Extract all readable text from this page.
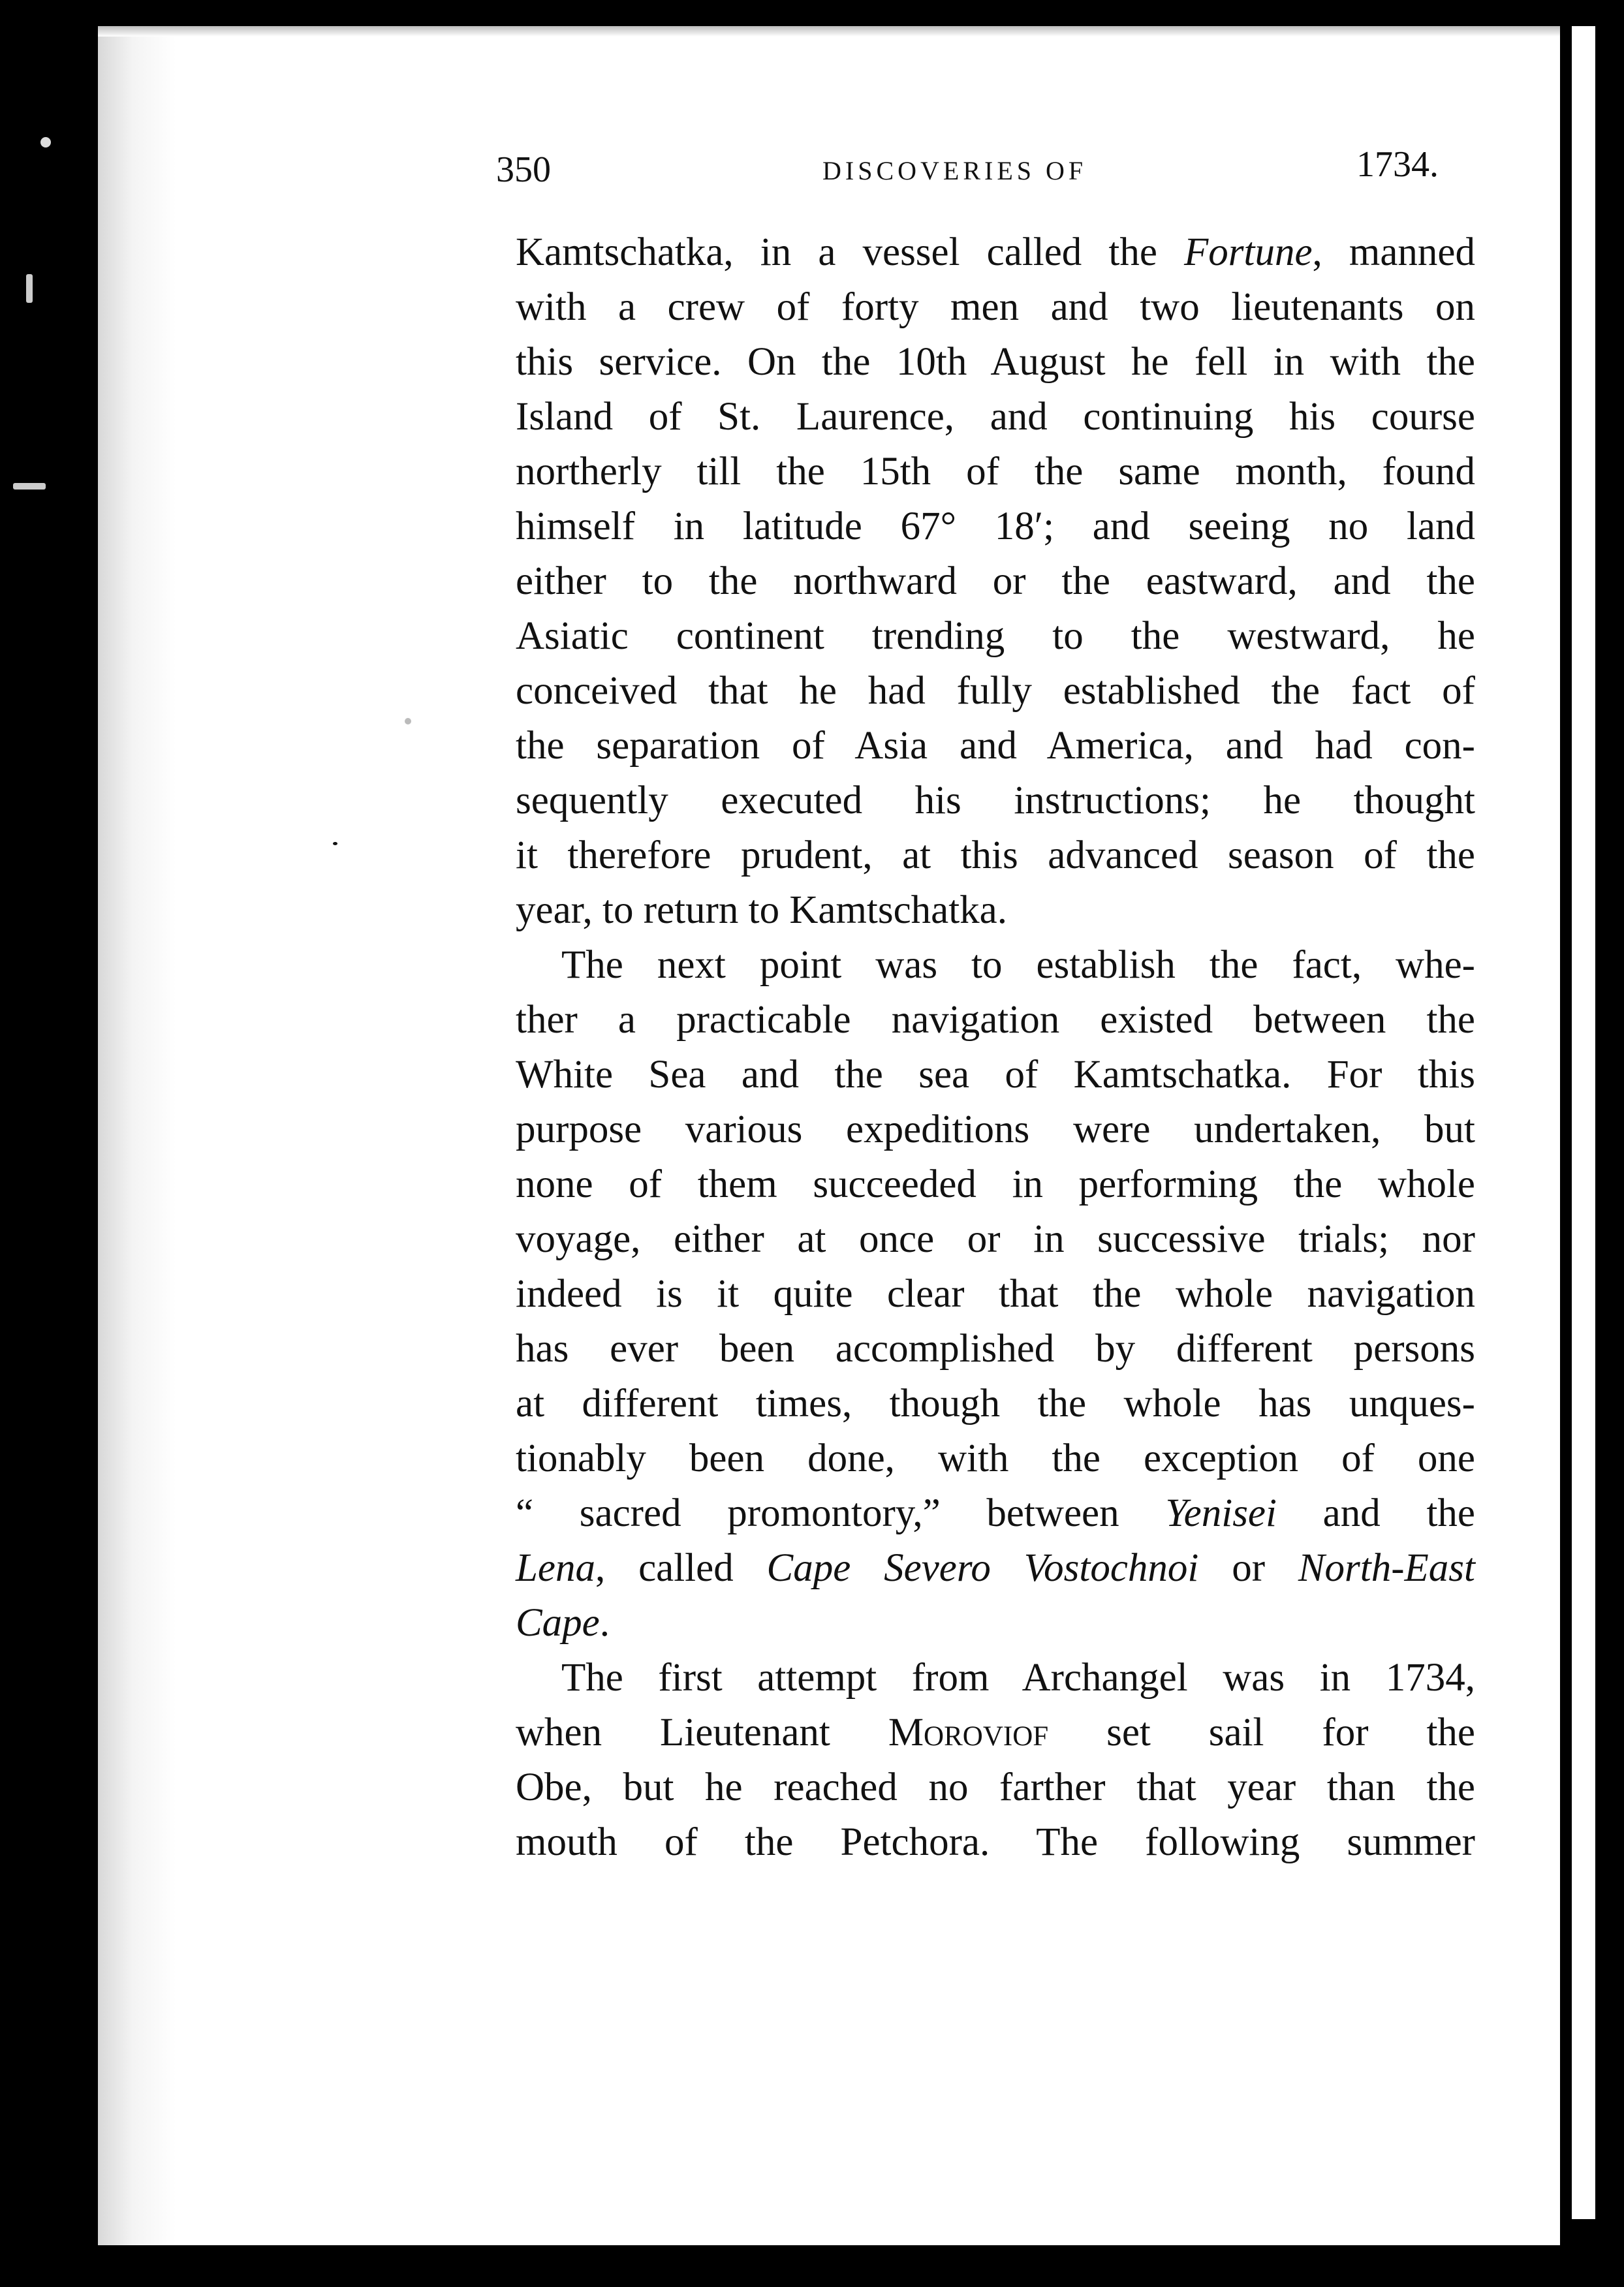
350	DISCOVERIES OF	1734.
Kamtschatka, in a vessel called the Fortune, manned
with a crew of forty men and two lieutenants on
this service. On the 10th August he fell in with the
Island of St. Laurence, and continuing his course
northerly till the 15th of the same month, found
himself in latitude 67° 18′; and seeing no land
either to the northward or the eastward, and the
Asiatic continent trending to the westward, he
conceived that he had fully established the fact of
the separation of Asia and America, and had con-
sequently executed his instructions; he thought
it therefore prudent, at this advanced season of the
year, to return to Kamtschatka.
The next point was to establish the fact, whe-
ther a practicable navigation existed between the
White Sea and the sea of Kamtschatka. For this
purpose various expeditions were undertaken, but
none of them succeeded in performing the whole
voyage, either at once or in successive trials; nor
indeed is it quite clear that the whole navigation
has ever been accomplished by different persons
at different times, though the whole has unques-
tionably been done, with the exception of one
“ sacred promontory,” between Yenisei and the
Lena, called Cape Severo Vostochnoi or North-East
Cape.
The first attempt from Archangel was in 1734,
when Lieutenant Moroviof set sail for the
Obe, but he reached no farther that year than the
mouth of the Petchora. The following summer
